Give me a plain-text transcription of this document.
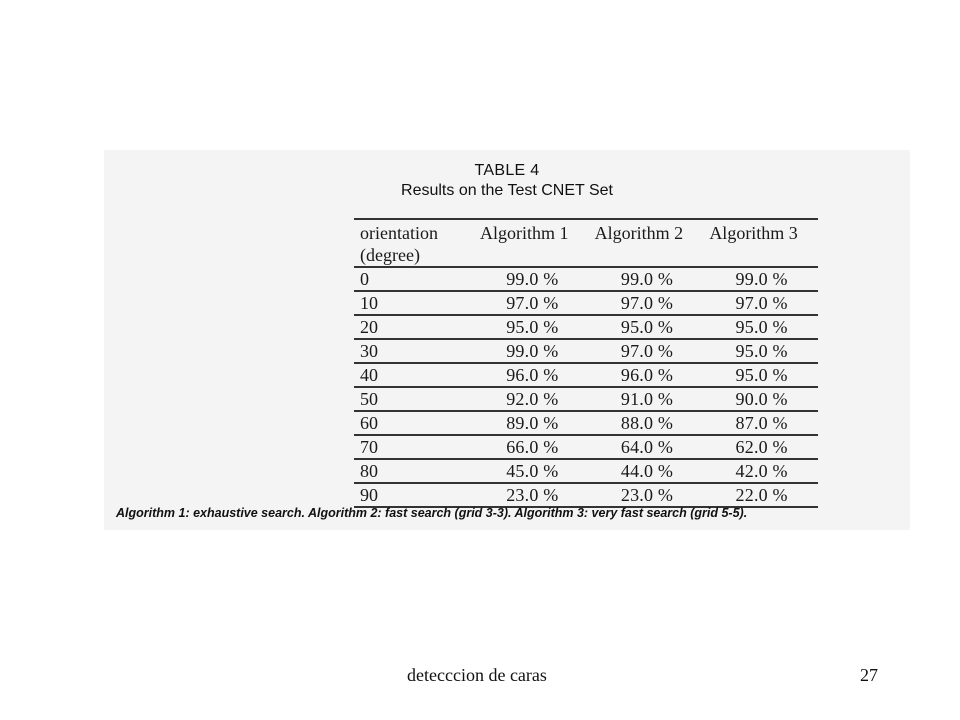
TABLE 4
Results on the Test CNET Set
orientation
(degree)	Algorithm 1	Algorithm 2	Algorithm 3
0	99.0 %	99.0 %	99.0 %
10	97.0 %	97.0 %	97.0 %
20	95.0 %	95.0 %	95.0 %
30	99.0 %	97.0 %	95.0 %
40	96.0 %	96.0 %	95.0 %
50	92.0 %	91.0 %	90.0 %
60	89.0 %	88.0 %	87.0 %
70	66.0 %	64.0 %	62.0 %
80	45.0 %	44.0 %	42.0 %
90	23.0 %	23.0 %	22.0 %
Algorithm 1: exhaustive search. Algorithm 2: fast search (grid 3-3). Algorithm 3: very fast search (grid 5-5).
detecccion de caras	27
